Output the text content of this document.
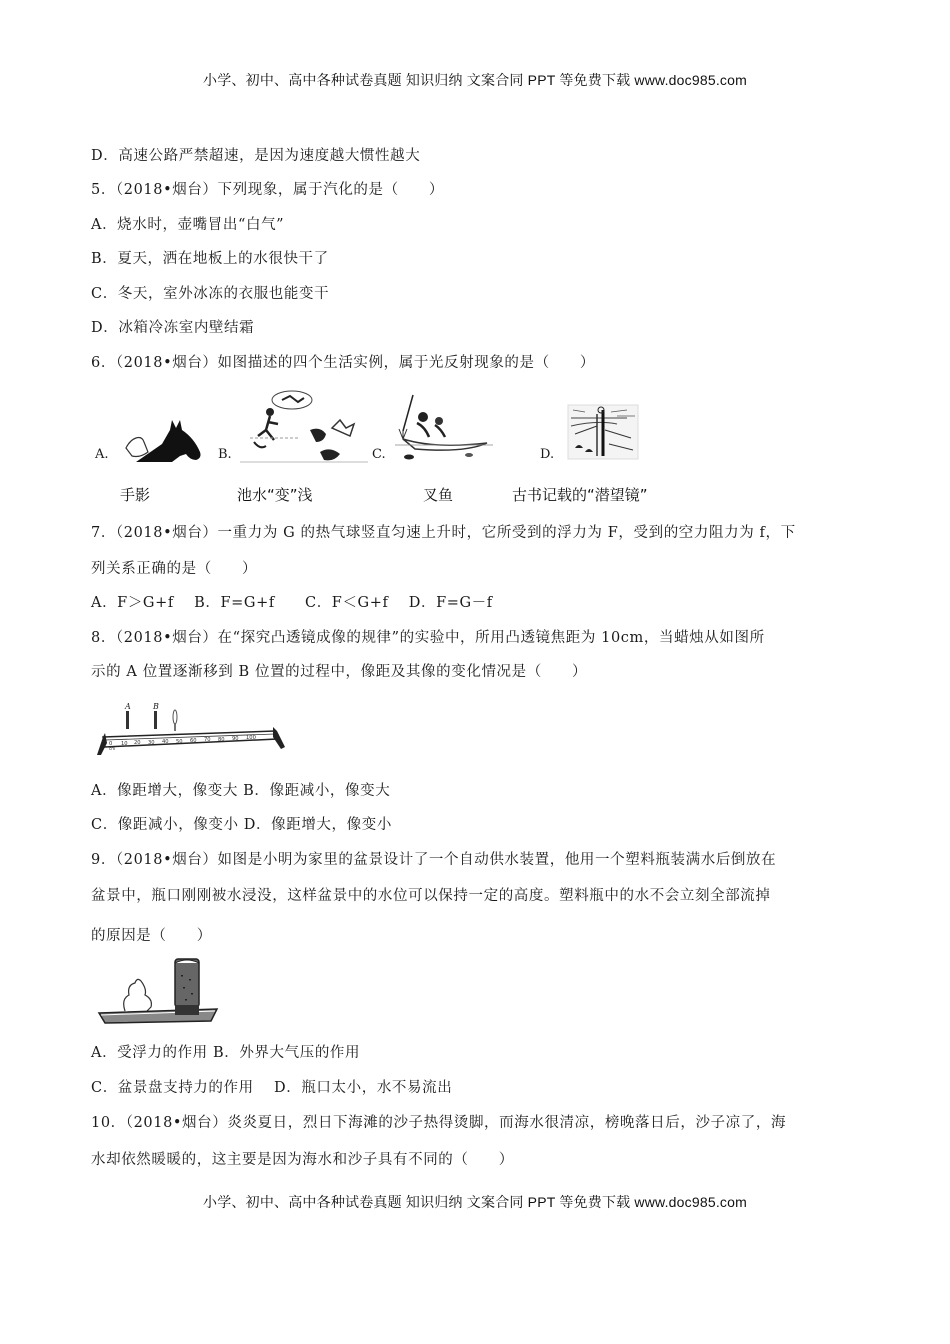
小学、初中、高中各种试卷真题 知识归纳 文案合同 PPT 等免费下载 www.doc985.com
D．高速公路严禁超速，是因为速度越大惯性越大
5．（2018•烟台）下列现象，属于汽化的是（　　）
A．烧水时，壶嘴冒出“白气”
B．夏天，洒在地板上的水很快干了
C．冬天，室外冰冻的衣服也能变干
D．冰箱冷冻室内壁结霜
6．（2018•烟台）如图描述的四个生活实例，属于光反射现象的是（　　）
A.
手影
B.
池水“变”浅
C.
叉鱼
D.
古书记载的“潜望镜”
7．（2018•烟台）一重力为 G 的热气球竖直匀速上升时，它所受到的浮力为 F，受到的空力阻力为 f，下
列关系正确的是（　　）
A．F＞G+f　 B．F=G+f　　C．F＜G+f　 D．F=G－f
8．（2018•烟台）在“探究凸透镜成像的规律”的实验中，所用凸透镜焦距为 10cm，当蜡烛从如图所
示的 A 位置逐渐移到 B 位置的过程中，像距及其像的变化情况是（　　）
A	B
0 10 20 30 40 50 60 70 80 90 100
cm
A．像距增大，像变大 B．像距减小，像变大
C．像距减小，像变小 D．像距增大，像变小
9．（2018•烟台）如图是小明为家里的盆景设计了一个自动供水装置，他用一个塑料瓶装满水后倒放在
盆景中，瓶口刚刚被水浸没，这样盆景中的水位可以保持一定的高度。塑料瓶中的水不会立刻全部流掉
的原因是（　　）
A．受浮力的作用 B．外界大气压的作用
C．盆景盘支持力的作用　 D．瓶口太小，水不易流出
10．（2018•烟台）炎炎夏日，烈日下海滩的沙子热得烫脚，而海水很清凉，榜晚落日后，沙子凉了，海
水却依然暖暖的，这主要是因为海水和沙子具有不同的（　　）
小学、初中、高中各种试卷真题 知识归纳 文案合同 PPT 等免费下载 www.doc985.com
